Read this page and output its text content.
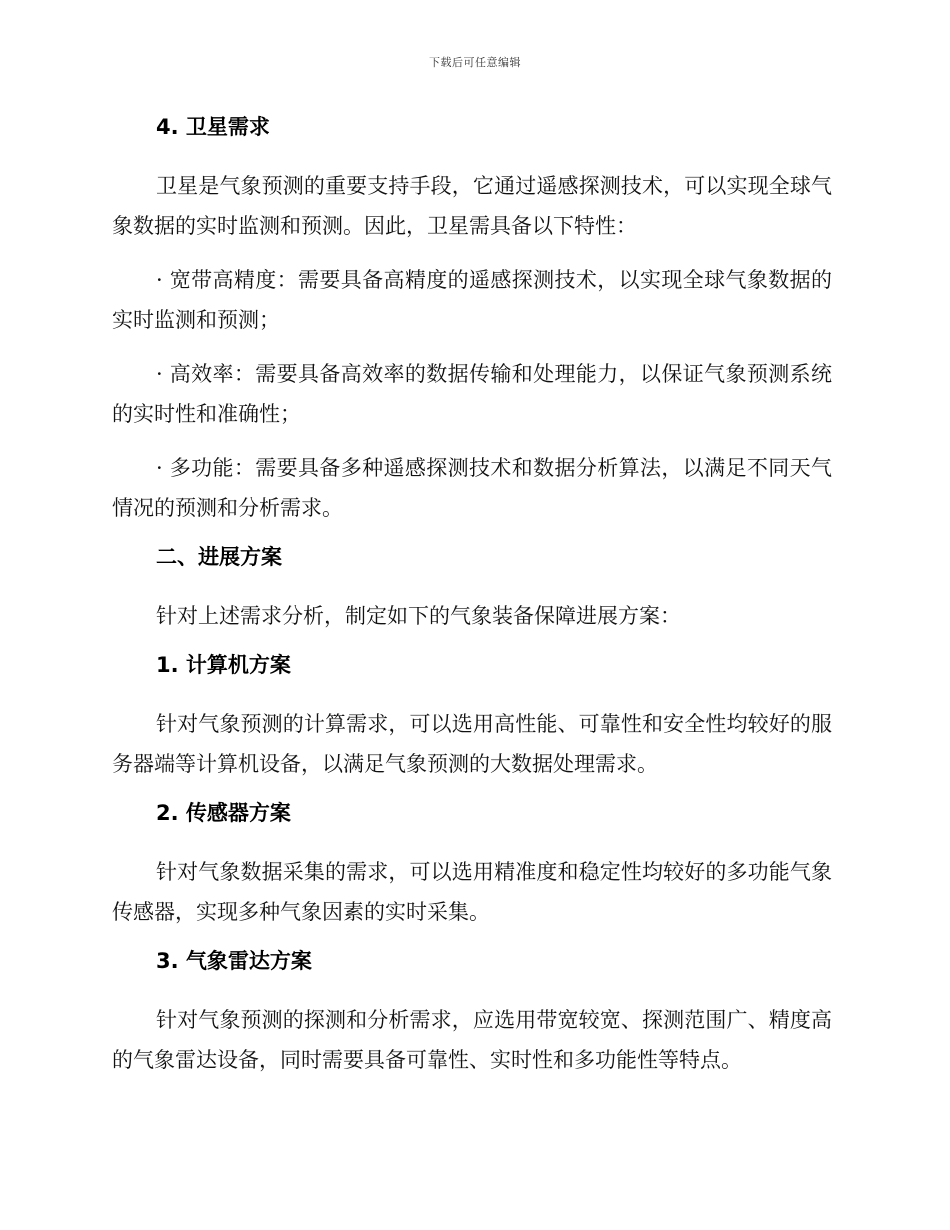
下载后可任意编辑
4. 卫星需求

卫星是气象预测的重要支持手段，它通过遥感探测技术，可以实现全球气象数据的实时监测和预测。因此，卫星需具备以下特性：

· 宽带高精度：需要具备高精度的遥感探测技术，以实现全球气象数据的实时监测和预测；

· 高效率：需要具备高效率的数据传输和处理能力，以保证气象预测系统的实时性和准确性；

· 多功能：需要具备多种遥感探测技术和数据分析算法，以满足不同天气情况的预测和分析需求。

二、进展方案

针对上述需求分析，制定如下的气象装备保障进展方案：

1. 计算机方案

针对气象预测的计算需求，可以选用高性能、可靠性和安全性均较好的服务器端等计算机设备，以满足气象预测的大数据处理需求。

2. 传感器方案

针对气象数据采集的需求，可以选用精准度和稳定性均较好的多功能气象传感器，实现多种气象因素的实时采集。

3. 气象雷达方案

针对气象预测的探测和分析需求，应选用带宽较宽、探测范围广、精度高的气象雷达设备，同时需要具备可靠性、实时性和多功能性等特点。
